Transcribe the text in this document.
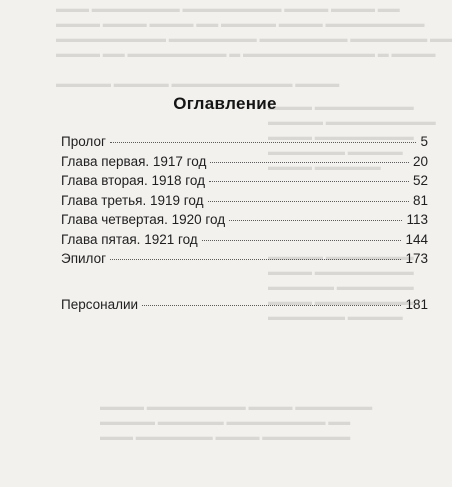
▬▬▬ ▬▬▬▬▬▬▬▬ ▬▬▬▬▬▬▬▬▬ ▬▬▬▬ ▬▬▬▬ ▬▬
▬▬▬▬ ▬▬▬▬ ▬▬▬▬ ▬▬ ▬▬▬▬▬ ▬▬▬▬ ▬▬▬▬▬▬▬▬▬
▬▬▬▬▬▬▬▬▬▬ ▬▬▬▬▬▬▬▬ ▬▬▬▬▬▬▬▬ ▬▬▬▬▬▬▬ ▬▬
▬▬▬▬ ▬▬ ▬▬▬▬▬▬▬▬▬ ▬ ▬▬▬▬▬▬▬▬▬▬▬▬ ▬ ▬▬▬▬
▬▬▬▬▬ ▬▬▬▬▬ ▬▬▬▬▬▬▬▬▬▬▬ ▬▬▬▬
▬▬▬▬ ▬▬▬▬▬▬▬▬▬
▬▬▬▬▬ ▬▬▬▬▬▬▬▬▬▬
▬▬▬▬ ▬▬▬▬▬▬▬▬▬
▬▬▬▬▬▬▬ ▬▬▬▬▬
▬▬▬▬ ▬▬▬▬▬▬
▬▬▬▬▬ ▬▬▬▬▬▬▬▬
▬▬▬▬ ▬▬▬▬▬▬▬▬▬
▬▬▬▬▬▬ ▬▬▬▬▬▬▬
▬▬▬▬ ▬▬▬▬▬▬▬▬▬
▬▬▬▬▬▬▬ ▬▬▬▬▬
▬▬▬▬ ▬▬▬▬▬▬▬▬▬ ▬▬▬▬ ▬▬▬▬▬▬▬
▬▬▬▬▬ ▬▬▬▬▬▬ ▬▬▬▬▬▬▬▬▬ ▬▬
▬▬▬ ▬▬▬▬▬▬▬ ▬▬▬▬ ▬▬▬▬▬▬▬▬
Оглавление
Пролог	5
Глава первая. 1917 год	20
Глава вторая. 1918 год	52
Глава третья. 1919 год	81
Глава четвертая. 1920 год	113
Глава пятая. 1921 год	144
Эпилог	173
Персоналии	181
